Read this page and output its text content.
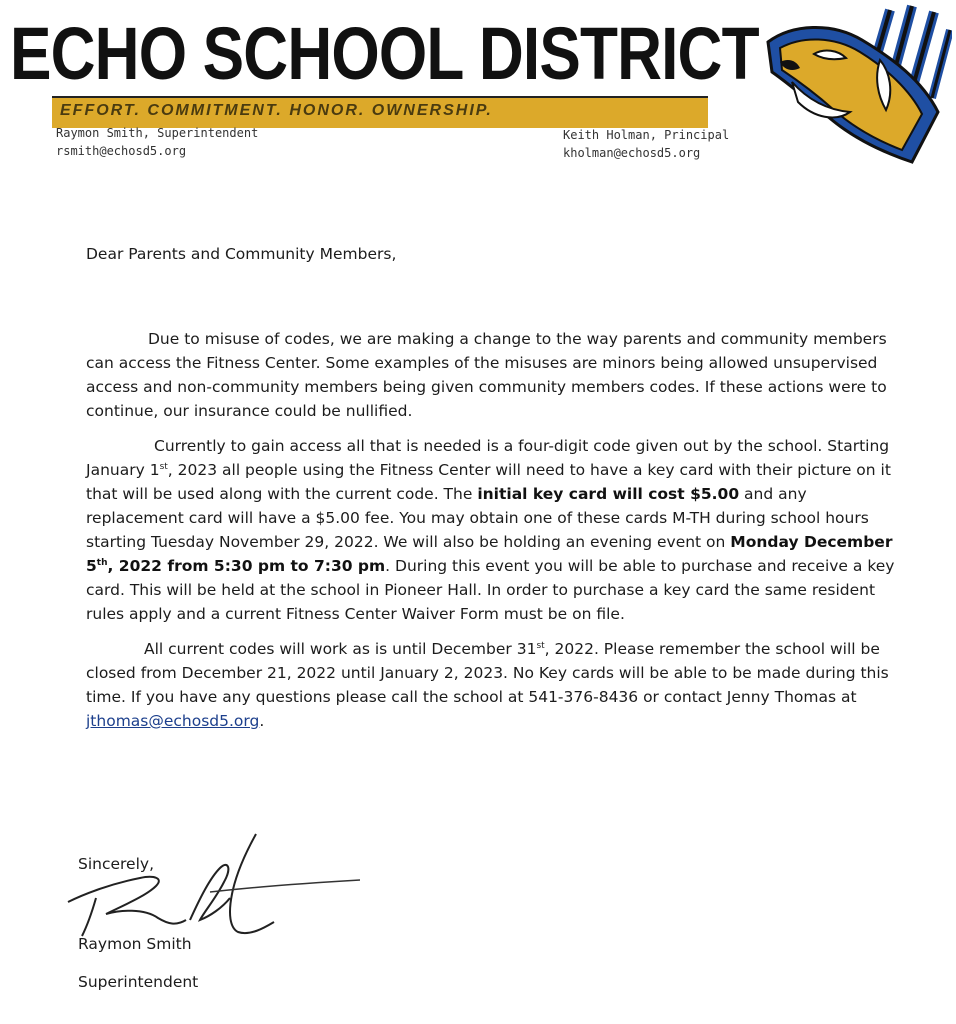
ECHO SCHOOL DISTRICT
EFFORT. COMMITMENT. HONOR. OWNERSHIP.
Raymon Smith, Superintendent
rsmith@echosd5.org
Keith Holman, Principal
kholman@echosd5.org

Dear Parents and Community Members,

Due to misuse of codes, we are making a change to the way parents and community members can access the Fitness Center. Some examples of the misuses are minors being allowed unsupervised access and non-community members being given community members codes. If these actions were to continue, our insurance could be nullified.

Currently to gain access all that is needed is a four-digit code given out by the school. Starting January 1st, 2023 all people using the Fitness Center will need to have a key card with their picture on it that will be used along with the current code. The initial key card will cost $5.00 and any replacement card will have a $5.00 fee. You may obtain one of these cards M-TH during school hours starting Tuesday November 29, 2022. We will also be holding an evening event on Monday December 5th, 2022 from 5:30 pm to 7:30 pm. During this event you will be able to purchase and receive a key card. This will be held at the school in Pioneer Hall. In order to purchase a key card the same resident rules apply and a current Fitness Center Waiver Form must be on file.

All current codes will work as is until December 31st, 2022. Please remember the school will be closed from December 21, 2022 until January 2, 2023. No Key cards will be able to be made during this time. If you have any questions please call the school at 541-376-8436 or contact Jenny Thomas at jthomas@echosd5.org.

Sincerely,

Raymon Smith

Superintendent
